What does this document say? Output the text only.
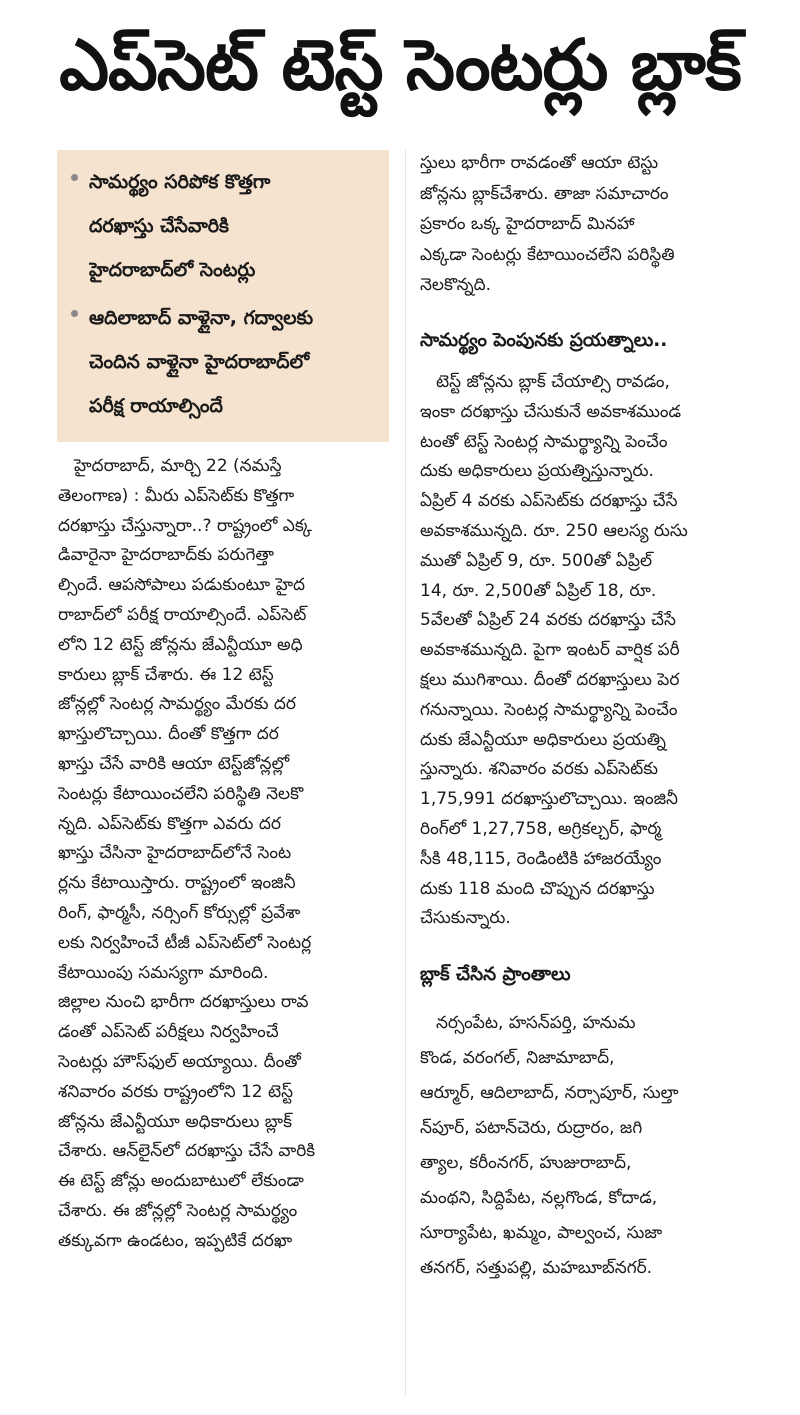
ఎప్‌సెట్‌ టెస్ట్‌ సెంటర్లు బ్లాక్‌
సామర్థ్యం సరిపోక కొత్తగా
దరఖాస్తు చేసేవారికి
హైదరాబాద్‌లో సెంటర్లు
ఆదిలాబాద్‌ వాళ్లైనా, గద్వాలకు
చెందిన వాళ్లైనా హైదరాబాద్‌లో
పరీక్ష రాయాల్సిందే
హైదరాబాద్‌, మార్చి 22 (నమస్తే
తెలంగాణ) : మీరు ఎప్‌సెట్‌కు కొత్తగా
దరఖాస్తు చేస్తున్నారా..? రాష్ట్రంలో ఎక్క
డివారైనా హైదరాబాద్‌కు పరుగెత్తా
ల్సిందే. ఆపసోపాలు పడుకుంటూ హైద
రాబాద్‌లో పరీక్ష రాయాల్సిందే. ఎప్‌సెట్‌
లోని 12 టెస్ట్‌ జోన్లను జేఎన్టీయూ అధి
కారులు బ్లాక్‌ చేశారు. ఈ 12 టెస్ట్‌
జోన్లల్లో సెంటర్ల సామర్థ్యం మేరకు దర
ఖాస్తులొచ్చాయి. దీంతో కొత్తగా దర
ఖాస్తు చేసే వారికి ఆయా టెస్ట్‌జోన్లల్లో
సెంటర్లు కేటాయించలేని పరిస్థితి నెలకొ
న్నది. ఎప్‌సెట్‌కు కొత్తగా ఎవరు దర
ఖాస్తు చేసినా హైదరాబాద్‌లోనే సెంట
ర్లను కేటాయిస్తారు. రాష్ట్రంలో ఇంజినీ
రింగ్‌, ఫార్మసీ, నర్సింగ్‌ కోర్సుల్లో ప్రవేశా
లకు నిర్వహించే టీజీ ఎప్‌సెట్‌లో సెంటర్ల
కేటాయింపు సమస్యగా మారింది.
జిల్లాల నుంచి భారీగా దరఖాస్తులు రావ
డంతో ఎప్‌సెట్‌ పరీక్షలు నిర్వహించే
సెంటర్లు హౌస్‌ఫుల్‌ అయ్యాయి. దీంతో
శనివారం వరకు రాష్ట్రంలోని 12 టెస్ట్‌
జోన్లను జేఎన్టీయూ అధికారులు బ్లాక్‌
చేశారు. ఆన్‌లైన్‌లో దరఖాస్తు చేసే వారికి
ఈ టెస్ట్‌ జోన్లు అందుబాటులో లేకుండా
చేశారు. ఈ జోన్లల్లో సెంటర్ల సామర్థ్యం
తక్కువగా ఉండటం, ఇప్పటికే దరఖా
స్తులు భారీగా రావడంతో ఆయా టెస్టు
జోన్లను బ్లాక్‌చేశారు. తాజా సమాచారం
ప్రకారం ఒక్క హైదరాబాద్‌ మినహా
ఎక్కడా సెంటర్లు కేటాయించలేని పరిస్థితి
నెలకొన్నది.
సామర్థ్యం పెంపునకు ప్రయత్నాలు..
టెస్ట్‌ జోన్లను బ్లాక్‌ చేయాల్సి రావడం,
ఇంకా దరఖాస్తు చేసుకునే అవకాశముండ
టంతో టెస్ట్‌ సెంటర్ల సామర్థ్యాన్ని పెంచేం
దుకు అధికారులు ప్రయత్నిస్తున్నారు.
ఏప్రిల్‌ 4 వరకు ఎప్‌సెట్‌కు దరఖాస్తు చేసే
అవకాశమున్నది. రూ. 250 ఆలస్య రుసు
ముతో ఏప్రిల్‌ 9, రూ. 500తో ఏప్రిల్‌
14, రూ. 2,500తో ఏప్రిల్‌ 18, రూ.
5వేలతో ఏప్రిల్‌ 24 వరకు దరఖాస్తు చేసే
అవకాశమున్నది. పైగా ఇంటర్‌ వార్షిక పరీ
క్షలు ముగిశాయి. దీంతో దరఖాస్తులు పెర
గనున్నాయి. సెంటర్ల సామర్థ్యాన్ని పెంచేం
దుకు జేఎన్టీయూ అధికారులు ప్రయత్ని
స్తున్నారు. శనివారం వరకు ఎప్‌సెట్‌కు
1,75,991 దరఖాస్తులొచ్చాయి. ఇంజినీ
రింగ్‌లో 1,27,758, అగ్రికల్చర్‌, ఫార్మ
సీకి 48,115, రెండింటికి హాజరయ్యేం
దుకు 118 మంది చొప్పున దరఖాస్తు
చేసుకున్నారు.
బ్లాక్‌ చేసిన ప్రాంతాలు
నర్సంపేట, హసన్‌పర్తి, హనుమ
కొండ, వరంగల్‌, నిజామాబాద్‌,
ఆర్మూర్‌, ఆదిలాబాద్‌, నర్సాపూర్‌, సుల్తా
న్‌పూర్‌, పటాన్‌చెరు, రుద్రారం, జగి
త్యాల, కరీంనగర్‌, హుజురాబాద్‌,
మంథని, సిద్దిపేట, నల్లగొండ, కోదాడ,
సూర్యాపేట, ఖమ్మం, పాల్వంచ, సుజా
తనగర్‌, సత్తుపల్లి, మహబూబ్‌నగర్‌.
